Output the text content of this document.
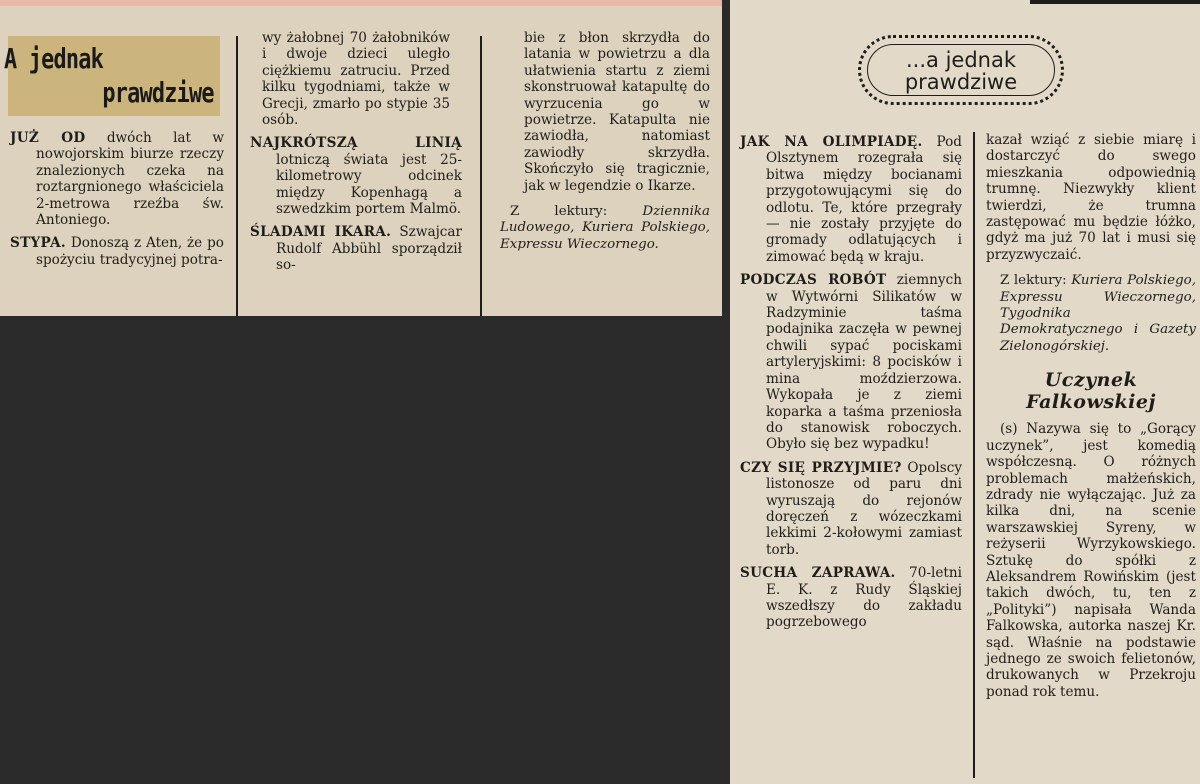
A jednak
prawdziwe

JUŻ OD dwóch lat w nowojorskim biurze rzeczy znalezionych czeka na roztargnionego właściciela 2-metrowa rzeźba św. Antoniego.

STYPA. Donoszą z Aten, że po spożyciu tradycyjnej potra-

wy żałobnej 70 żałobników i dwoje dzieci uległo ciężkiemu zatruciu. Przed kilku tygodniami, także w Grecji, zmarło po stypie 35 osób.

NAJKRÓTSZĄ LINIĄ lotniczą świata jest 25-kilometrowy odcinek między Kopenhagą a szwedzkim portem Malmö.

ŚLADAMI IKARA. Szwajcar Rudolf Abbühl sporządził so-

bie z błon skrzydła do latania w powietrzu a dla ułatwienia startu z ziemi skonstruował katapultę do wyrzucenia go w powietrze. Katapulta nie zawiodła, natomiast zawiodły skrzydła. Skończyło się tragicznie, jak w legendzie o Ikarze.

Z lektury: Dziennika Ludowego, Kuriera Polskiego, Expressu Wieczornego.

...a jednak
prawdziwe

JAK NA OLIMPIADĘ. Pod Olsztynem rozegrała się bitwa między bocianami przygotowującymi się do odlotu. Te, które przegrały — nie zostały przyjęte do gromady odlatujących i zimować będą w kraju.

PODCZAS ROBÓT ziemnych w Wytwórni Silikatów w Radzyminie taśma podajnika zaczęła w pewnej chwili sypać pociskami artyleryjskimi: 8 pocisków i mina moździerzowa. Wykopała je z ziemi koparka a taśma przeniosła do stanowisk roboczych. Obyło się bez wypadku!

CZY SIĘ PRZYJMIE? Opolscy listonosze od paru dni wyruszają do rejonów doręczeń z wózeczkami lekkimi 2-kołowymi zamiast torb.

SUCHA ZAPRAWA. 70-letni E. K. z Rudy Śląskiej wszedłszy do zakładu pogrzebowego

kazał wziąć z siebie miarę i dostarczyć do swego mieszkania odpowiednią trumnę. Niezwykły klient twierdzi, że trumna zastępować mu będzie łóżko, gdyż ma już 70 lat i musi się przyzwyczaić.

Z lektury: Kuriera Polskiego, Expressu Wieczornego, Tygodnika Demokratycznego i Gazety Zielonogórskiej.

Uczynek
Falkowskiej

(s) Nazywa się to „Gorący uczynek”, jest komedią współczesną. O różnych problemach małżeńskich, zdrady nie wyłączając. Już za kilka dni, na scenie warszawskiej Syreny, w reżyserii Wyrzykowskiego. Sztukę do spółki z Aleksandrem Rowińskim (jest takich dwóch, tu, ten z „Polityki”) napisała Wanda Falkowska, autorka naszej Kr. sąd. Właśnie na podstawie jednego ze swoich felietonów, drukowanych w Przekroju ponad rok temu.
